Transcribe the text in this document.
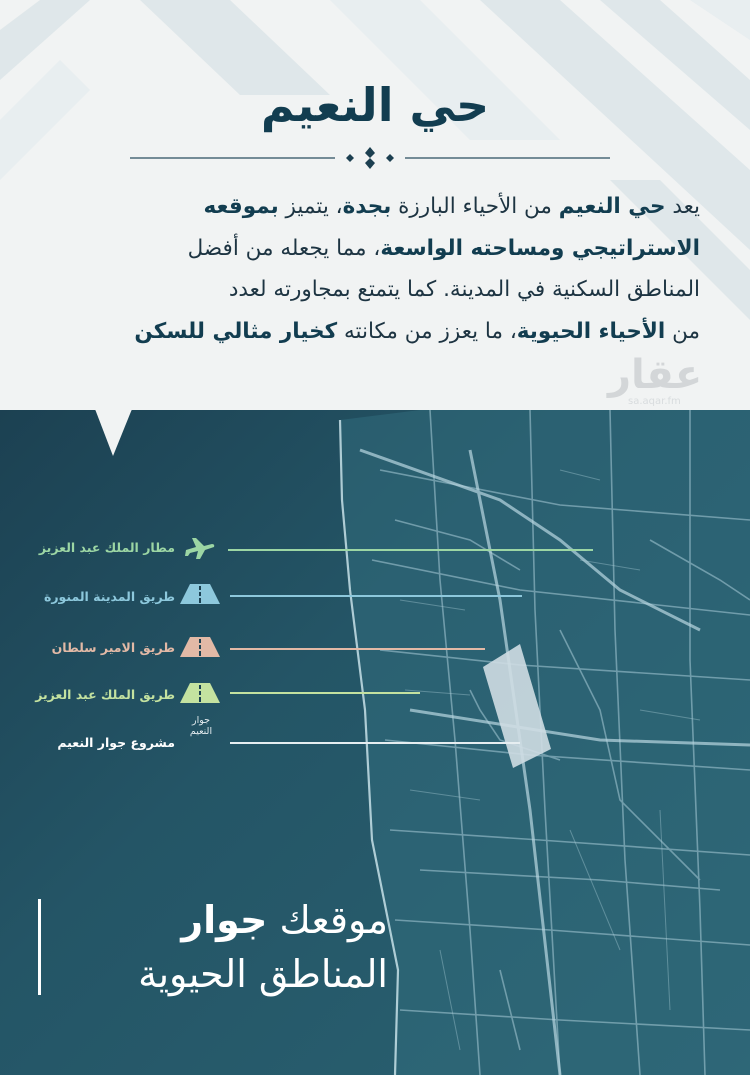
حي النعيم
يعد حي النعيم من الأحياء البارزة بجدة، يتميز بموقعه
الاستراتيجي ومساحته الواسعة، مما يجعله من أفضل
المناطق السكنية في المدينة. كما يتمتع بمجاورته لعدد
من الأحياء الحيوية، ما يعزز من مكانته كخيار مثالي للسكن
عقار
sa.aqar.fm
مطار الملك عبد العزيز
طريق المدينة المنورة
طريق الامير سلطان
طريق الملك عبد العزيز
مشروع جوار النعيم
جوار
النعيم
موقعك جوار
المناطق الحيوية
